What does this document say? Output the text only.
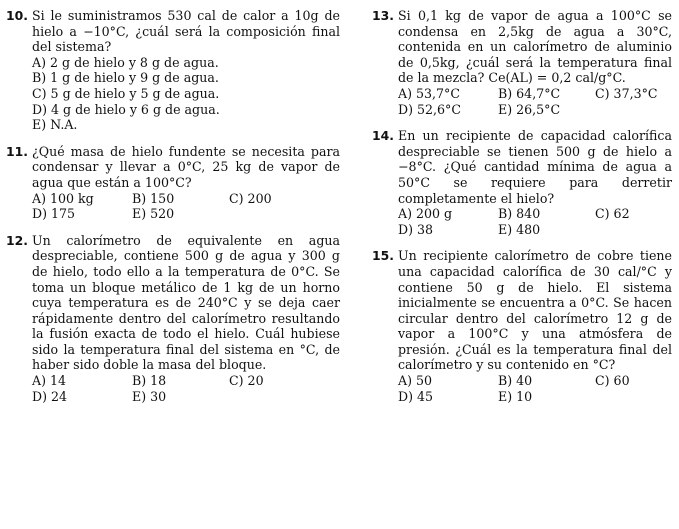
10. Si le suministramos 530 cal de calor a 10g de hielo a −10°C, ¿cuál será la composición final del sistema?
A) 2 g de hielo y 8 g de agua.
B) 1 g de hielo y 9 g de agua.
C) 5 g de hielo y 5 g de agua.
D) 4 g de hielo y 6 g de agua.
E) N.A.
11. ¿Qué masa de hielo fundente se necesita para condensar y llevar a 0°C, 25 kg de vapor de agua que están a 100°C?
A) 100 kg	B) 150	C) 200
D) 175	E) 520
12. Un calorímetro de equivalente en agua despreciable, contiene 500 g de agua y 300 g de hielo, todo ello a la temperatura de 0°C. Se toma un bloque metálico de 1 kg de un horno cuya temperatura es de 240°C y se deja caer rápidamente dentro del calorímetro resultando la fusión exacta de todo el hielo. Cuál hubiese sido la temperatura final del sistema en °C, de haber sido doble la masa del bloque.
A) 14	B) 18	C) 20
D) 24	E) 30
13. Si 0,1 kg de vapor de agua a 100°C se condensa en 2,5kg de agua a 30°C, contenida en un calorímetro de aluminio de 0,5kg, ¿cuál será la temperatura final de la mezcla? Ce(AL) = 0,2 cal/g°C.
A) 53,7°C	B) 64,7°C	C) 37,3°C
D) 52,6°C	E) 26,5°C
14. En un recipiente de capacidad calorífica despreciable se tienen 500 g de hielo a −8°C. ¿Qué cantidad mínima de agua a 50°C se requiere para derretir completamente el hielo?
A) 200 g	B) 840	C) 62
D) 38	E) 480
15. Un recipiente calorímetro de cobre tiene una capacidad calorífica de 30 cal/°C y contiene 50 g de hielo. El sistema inicialmente se encuentra a 0°C. Se hacen circular dentro del calorímetro 12 g de vapor a 100°C y una atmósfera de presión. ¿Cuál es la temperatura final del calorímetro y su contenido en °C?
A) 50	B) 40	C) 60
D) 45	E) 10
